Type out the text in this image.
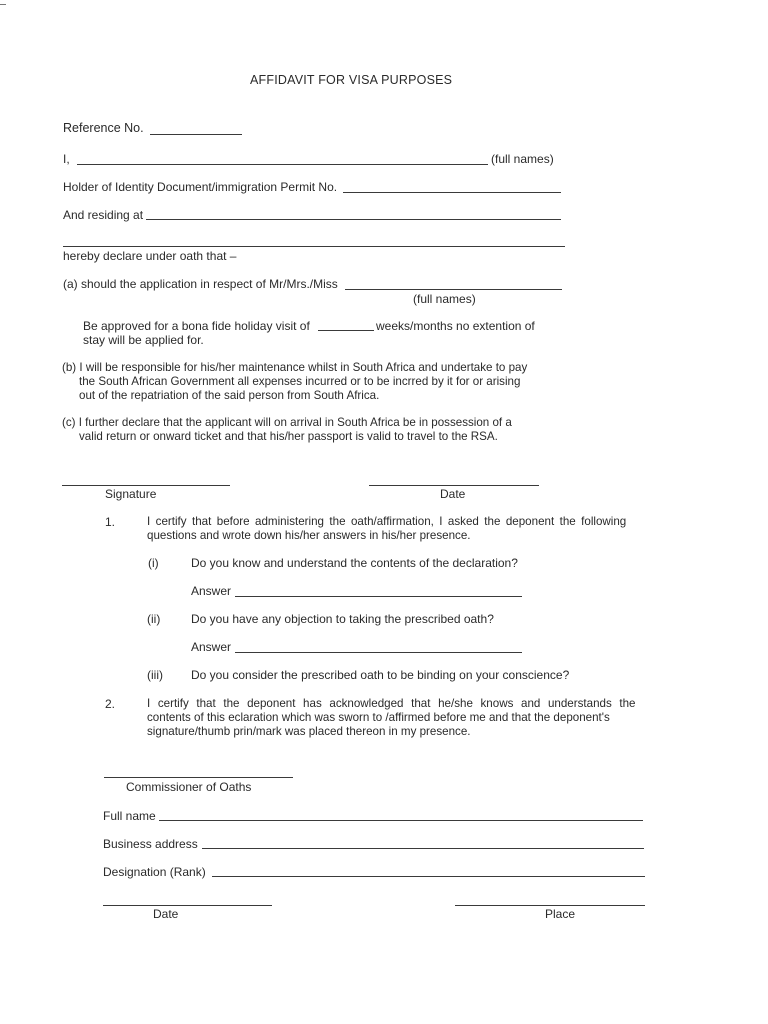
AFFIDAVIT FOR VISA PURPOSES
Reference No.
I,	(full names)
Holder of Identity Document/immigration Permit No.
And residing at
hereby declare under oath that –
(a) should the application in respect of Mr/Mrs./Miss
(full names)
Be approved for a bona fide holiday visit of	weeks/months no extention of
stay will be applied for.
(b) I will be responsible for his/her maintenance whilst in South Africa and undertake to pay
the South African Government all expenses incurred or to be incrred by it for or arising
out of the repatriation of the said person from South Africa.
(c) I further declare that the applicant will on arrival in South Africa be in possession of a
valid return or onward ticket and that his/her passport is valid to travel to the RSA.
Signature	Date
1.	I certify that before administering the oath/affirmation, I asked the deponent the following
questions and wrote down his/her answers in his/her presence.
(i)	Do you know and understand the contents of the declaration?
Answer
(ii)	Do you have any objection to taking the prescribed oath?
Answer
(iii) Do you consider the prescribed oath to be binding on your conscience?
2.	I certify that the deponent has acknowledged that he/she knows and understands the
contents of this eclaration which was sworn to /affirmed before me and that the deponent's
signature/thumb prin/mark was placed thereon in my presence.
Commissioner of Oaths
Full name
Business address
Designation (Rank)
Date	Place
